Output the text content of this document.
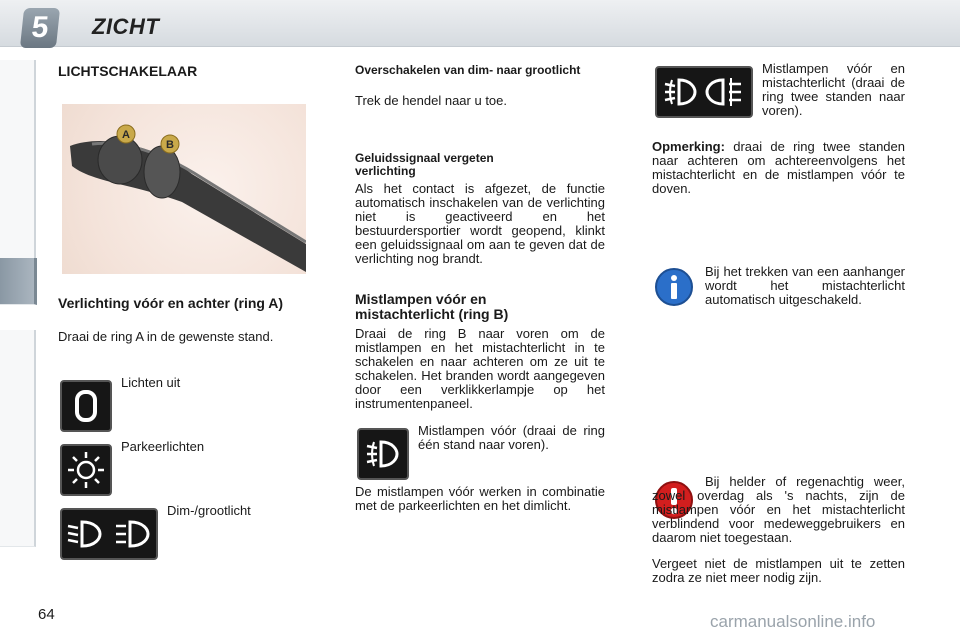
5	ZICHT
LICHTSCHAKELAAR
A
B
Verlichting vóór en achter (ring A)
Draai de ring A in de gewenste stand.
Lichten uit
Parkeerlichten
Dim-/grootlicht
Overschakelen van dim- naar grootlicht
Trek de hendel naar u toe.
Geluidssignaal vergeten verlichting
Als het contact is afgezet, de functie automatisch inschakelen van de verlichting niet is geactiveerd en het bestuurdersportier wordt geopend, klinkt een geluidssignaal om aan te geven dat de verlichting nog brandt.
Mistlampen vóór en mistachterlicht (ring B)
Draai de ring B naar voren om de mistlampen en het mistachterlicht in te schakelen en naar achteren om ze uit te schakelen. Het branden wordt aangegeven door een verklikkerlampje op het instrumentenpaneel.
Mistlampen vóór (draai de ring één stand naar voren).
De mistlampen vóór werken in combinatie met de parkeerlichten en het dimlicht.
Mistlampen vóór en mistachterlicht (draai de ring twee standen naar voren).
Opmerking: draai de ring twee standen naar achteren om achtereenvolgens het mistachterlicht en de mistlampen vóór te doven.
Bij het trekken van een aanhanger wordt het mistachterlicht automatisch uitgeschakeld.
Bij helder of regenachtig weer, zowel overdag als 's nachts, zijn de mistlampen vóór en het mistachterlicht verblindend voor medeweggebruikers en daarom niet toegestaan.
Vergeet niet de mistlampen uit te zetten zodra ze niet meer nodig zijn.
64	carmanualsonline.info
